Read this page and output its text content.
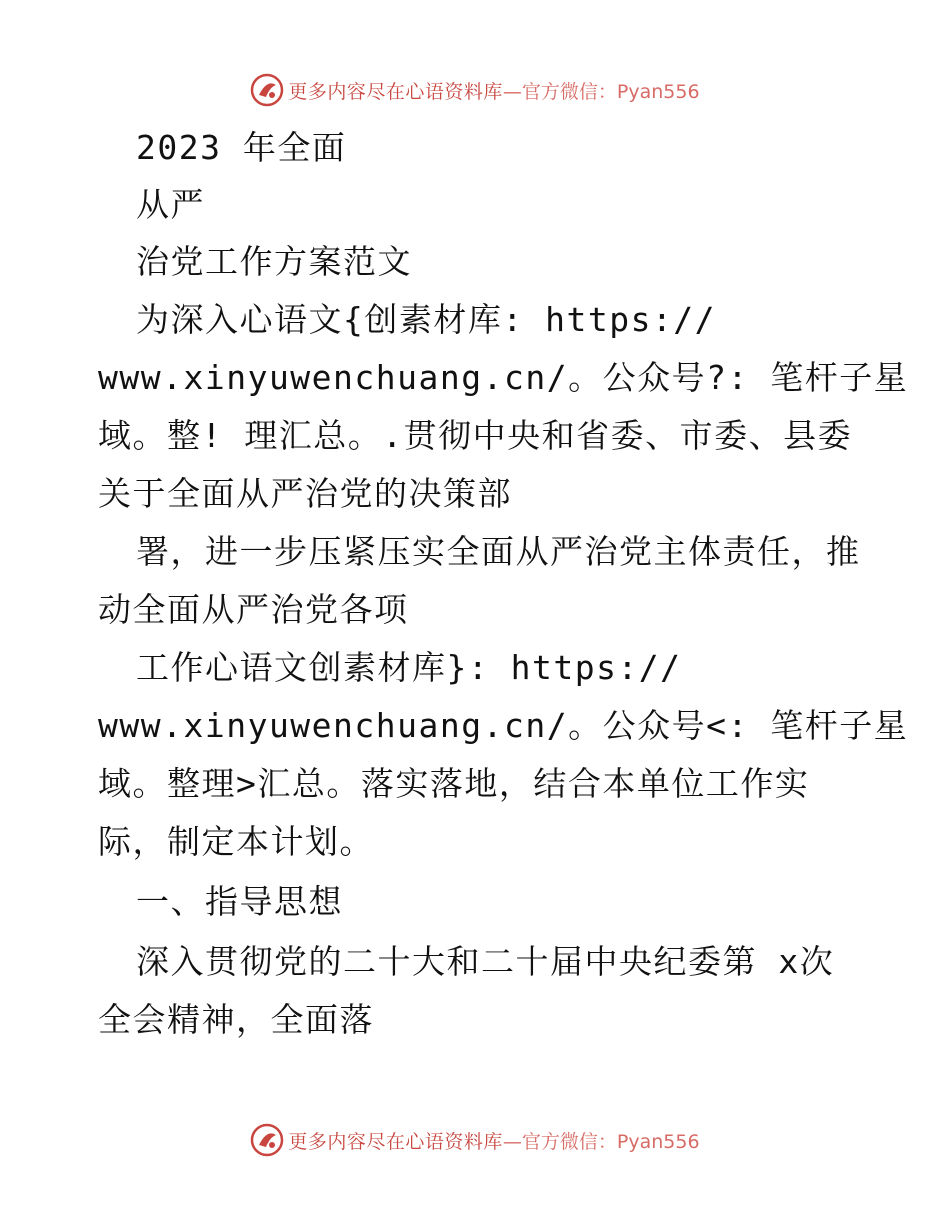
更多内容尽在心语资料库 —官方微信：Pyan556
2023 年全面
从严
治党工作方案范文
为深入心语文{创素材库: https://
www.xinyuwenchuang.cn/。公众号?: 笔杆子星
域。整! 理汇总。.贯彻中央和省委、市委、县委
关于全面从严治党的决策部
署，进一步压紧压实全面从严治党主体责任，推
动全面从严治党各项
工作心语文创素材库}: https://
www.xinyuwenchuang.cn/。公众号<: 笔杆子星
域。整理>汇总。落实落地，结合本单位工作实
际，制定本计划。
一、指导思想
深入贯彻党的二十大和二十届中央纪委第 x次
全会精神，全面落
更多内容尽在心语资料库 —官方微信：Pyan556
